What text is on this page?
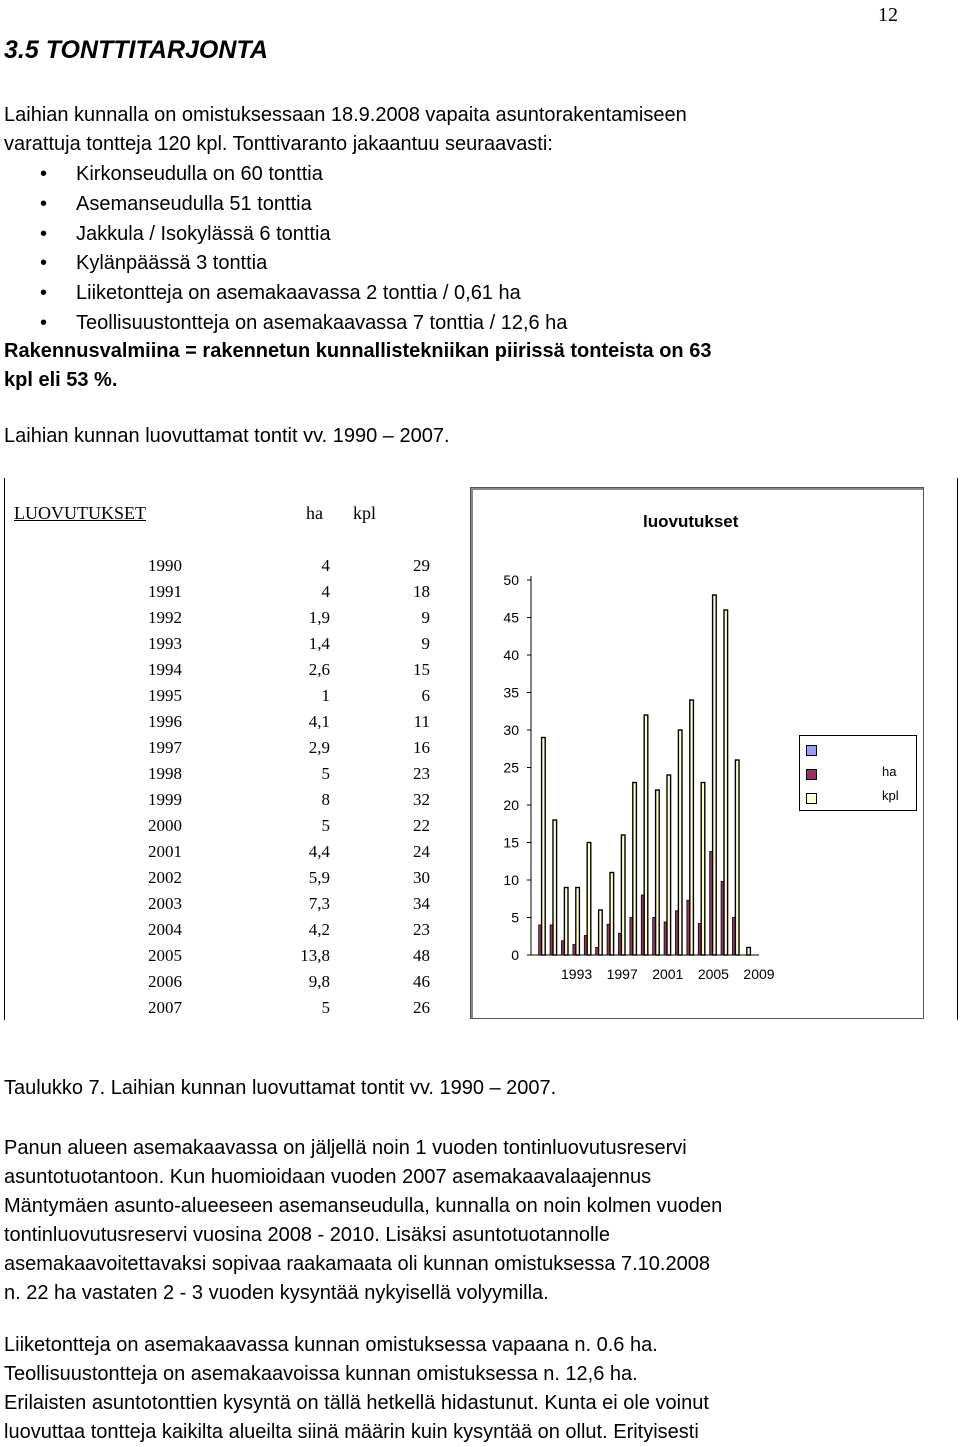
12
3.5 TONTTITARJONTA
Laihian kunnalla on omistuksessaan 18.9.2008 vapaita asuntorakentamiseen
varattuja tontteja 120 kpl. Tonttivaranto jakaantuu seuraavasti:
• Kirkonseudulla on 60 tonttia
• Asemanseudulla 51 tonttia
• Jakkula / Isokylässä 6 tonttia
• Kylänpäässä 3 tonttia
• Liiketontteja on asemakaavassa 2 tonttia / 0,61 ha
• Teollisuustontteja on asemakaavassa 7 tonttia / 12,6 ha
Rakennusvalmiina = rakennetun kunnallistekniikan piirissä tonteista on 63
kpl eli 53 %.
Laihian kunnan luovuttamat tontit vv. 1990 – 2007.
LUOVUTUKSET	ha kpl
1990	4	29
1991	4	18
1992	1,9	9
1993	1,4	9
1994	2,6	15
1995	1	6
1996	4,1	11
1997	2,9	16
1998	5	23
1999	8	32
2000	5	22
2001	4,4	24
2002	5,9	30
2003	7,3	34
2004	4,2	23
2005	13,8	48
2006	9,8	46
2007	5	26
luovutukset
0
5
10
15
20
25
30
35
40
45
50
1993 1997 2001 2005 2009
ha
kpl
Taulukko 7. Laihian kunnan luovuttamat tontit vv. 1990 – 2007.
Panun alueen asemakaavassa on jäljellä noin 1 vuoden tontinluovutusreservi
asuntotuotantoon. Kun huomioidaan vuoden 2007 asemakaavalaajennus
Mäntymäen asunto-alueeseen asemanseudulla, kunnalla on noin kolmen vuoden
tontinluovutusreservi vuosina 2008 - 2010. Lisäksi asuntotuotannolle
asemakaavoitettavaksi sopivaa raakamaata oli kunnan omistuksessa 7.10.2008
n. 22 ha vastaten 2 - 3 vuoden kysyntää nykyisellä volyymilla.
Liiketontteja on asemakaavassa kunnan omistuksessa vapaana n. 0.6 ha.
Teollisuustontteja on asemakaavoissa kunnan omistuksessa n. 12,6 ha.
Erilaisten asuntotonttien kysyntä on tällä hetkellä hidastunut. Kunta ei ole voinut
luovuttaa tontteja kaikilta alueilta siinä määrin kuin kysyntää on ollut. Erityisesti
